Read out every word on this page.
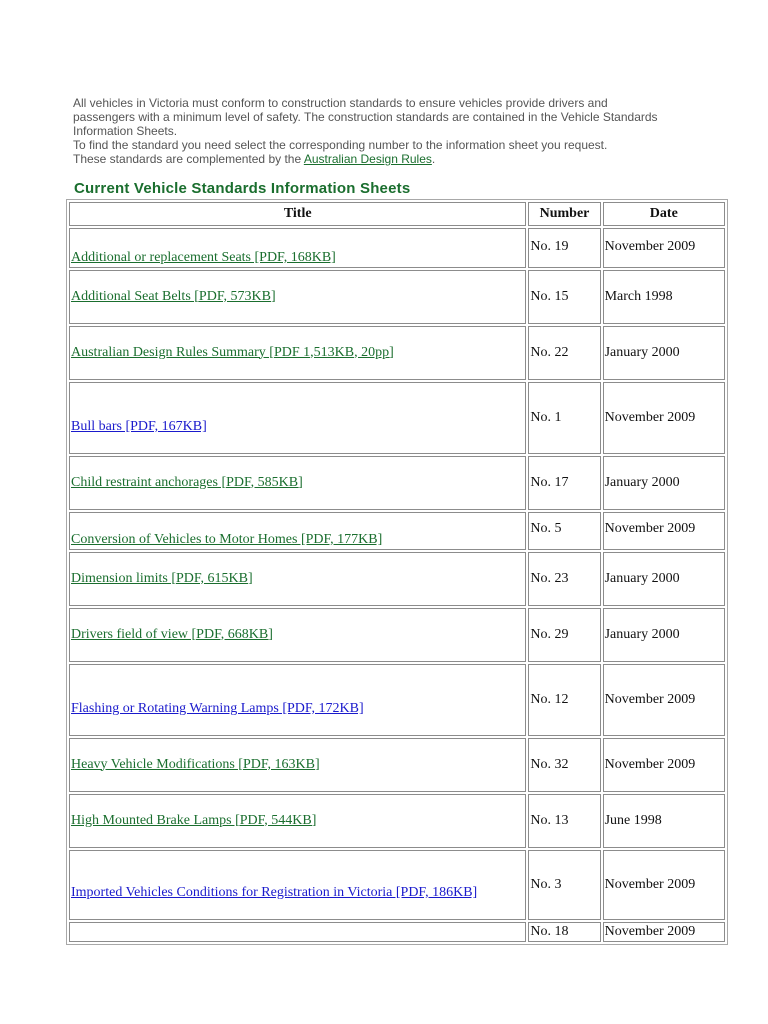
All vehicles in Victoria must conform to construction standards to ensure vehicles provide drivers and passengers with a minimum level of safety. The construction standards are contained in the Vehicle Standards Information Sheets.
To find the standard you need select the corresponding number to the information sheet you request.
These standards are complemented by the Australian Design Rules.

Current Vehicle Standards Information Sheets
Title	Number	Date
Additional or replacement Seats [PDF, 168KB]	No. 19	November 2009
Additional Seat Belts [PDF, 573KB]	No. 15	March 1998
Australian Design Rules Summary [PDF 1,513KB, 20pp]	No. 22	January 2000
Bull bars [PDF, 167KB]	No. 1	November 2009
Child restraint anchorages [PDF, 585KB]	No. 17	January 2000
Conversion of Vehicles to Motor Homes [PDF, 177KB]	No. 5	November 2009
Dimension limits [PDF, 615KB]	No. 23	January 2000
Drivers field of view [PDF, 668KB]	No. 29	January 2000
Flashing or Rotating Warning Lamps [PDF, 172KB]	No. 12	November 2009
Heavy Vehicle Modifications [PDF, 163KB]	No. 32	November 2009
High Mounted Brake Lamps [PDF, 544KB]	No. 13	June 1998
Imported Vehicles Conditions for Registration in Victoria [PDF, 186KB]	No. 3	November 2009
	No. 18	November 2009
